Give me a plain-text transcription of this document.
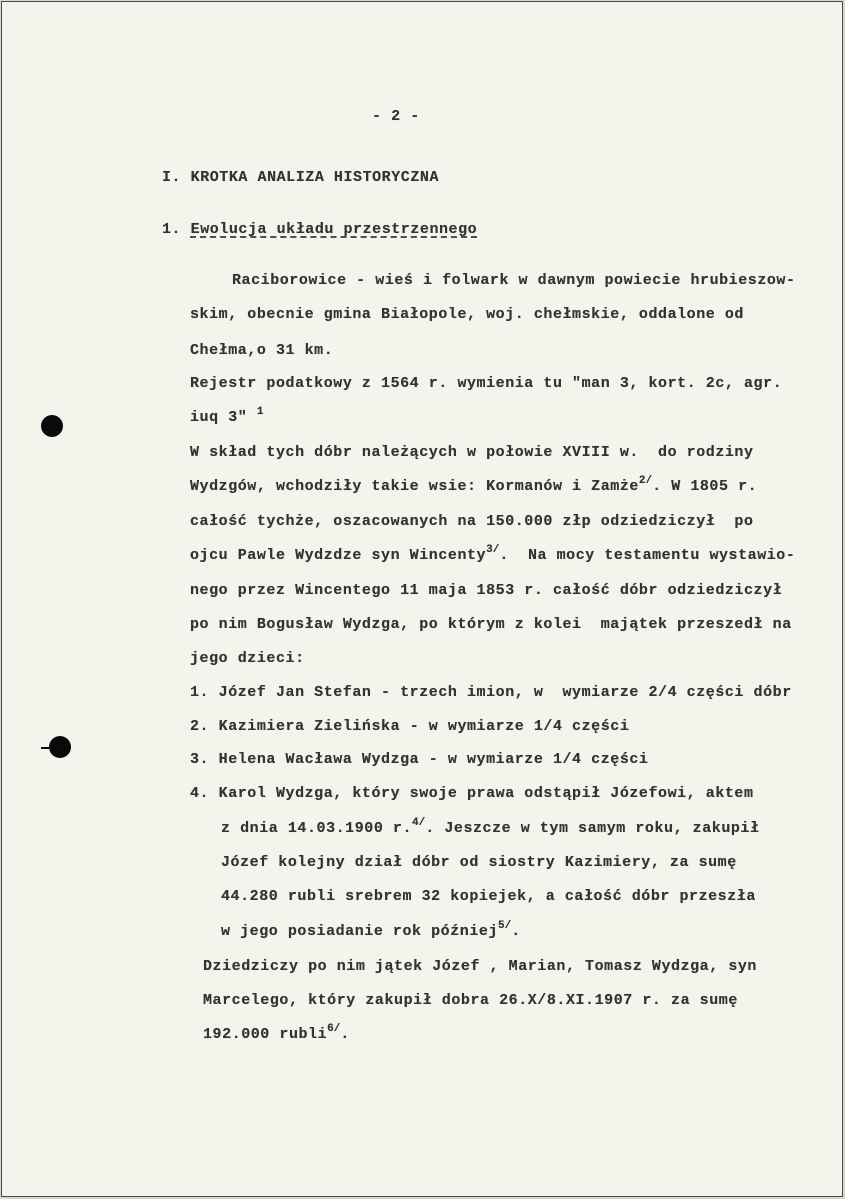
- 2 -
I. KROTKA ANALIZA HISTORYCZNA
1. Ewolucja układu przestrzennego
Raciborowice - wieś i folwark w dawnym powiecie hrubieszow-
skim, obecnie gmina Białopole, woj. chełmskie, oddalone od
Chełma,o 31 km.
Rejestr podatkowy z 1564 r. wymienia tu "man 3, kort. 2c, agr.
iuq 3" $^1$
W skład tych dóbr należących w połowie XVIII w.  do rodziny
Wydzgów, wchodziły takie wsie: Kormanów i Zamże$^{2/}$. W 1805 r.
całość tychże, oszacowanych na 150.000 złp odziedziczył  po
ojcu Pawle Wydzdze syn Wincenty$^{3/}$.  Na mocy testamentu wystawio-
nego przez Wincentego 11 maja 1853 r. całość dóbr odziedziczył
po nim Bogusław Wydzga, po którym z kolei  majątek przeszedł na
jego dzieci:
1. Józef Jan Stefan - trzech imion, w  wymiarze 2/4 części dóbr
2. Kazimiera Zielińska - w wymiarze 1/4 części
3. Helena Wacława Wydzga - w wymiarze 1/4 części
4. Karol Wydzga, który swoje prawa odstąpił Józefowi, aktem
z dnia 14.03.1900 r.$^{4/}$. Jeszcze w tym samym roku, zakupił
Józef kolejny dział dóbr od siostry Kazimiery, za sumę
44.280 rubli srebrem 32 kopiejek, a całość dóbr przeszła
w jego posiadanie rok później$^{5/}$.
Dziedziczy po nim jątek Józef , Marian, Tomasz Wydzga, syn
Marcelego, który zakupił dobra 26.X/8.XI.1907 r. za sumę
192.000 rubli$^{6/}$.
